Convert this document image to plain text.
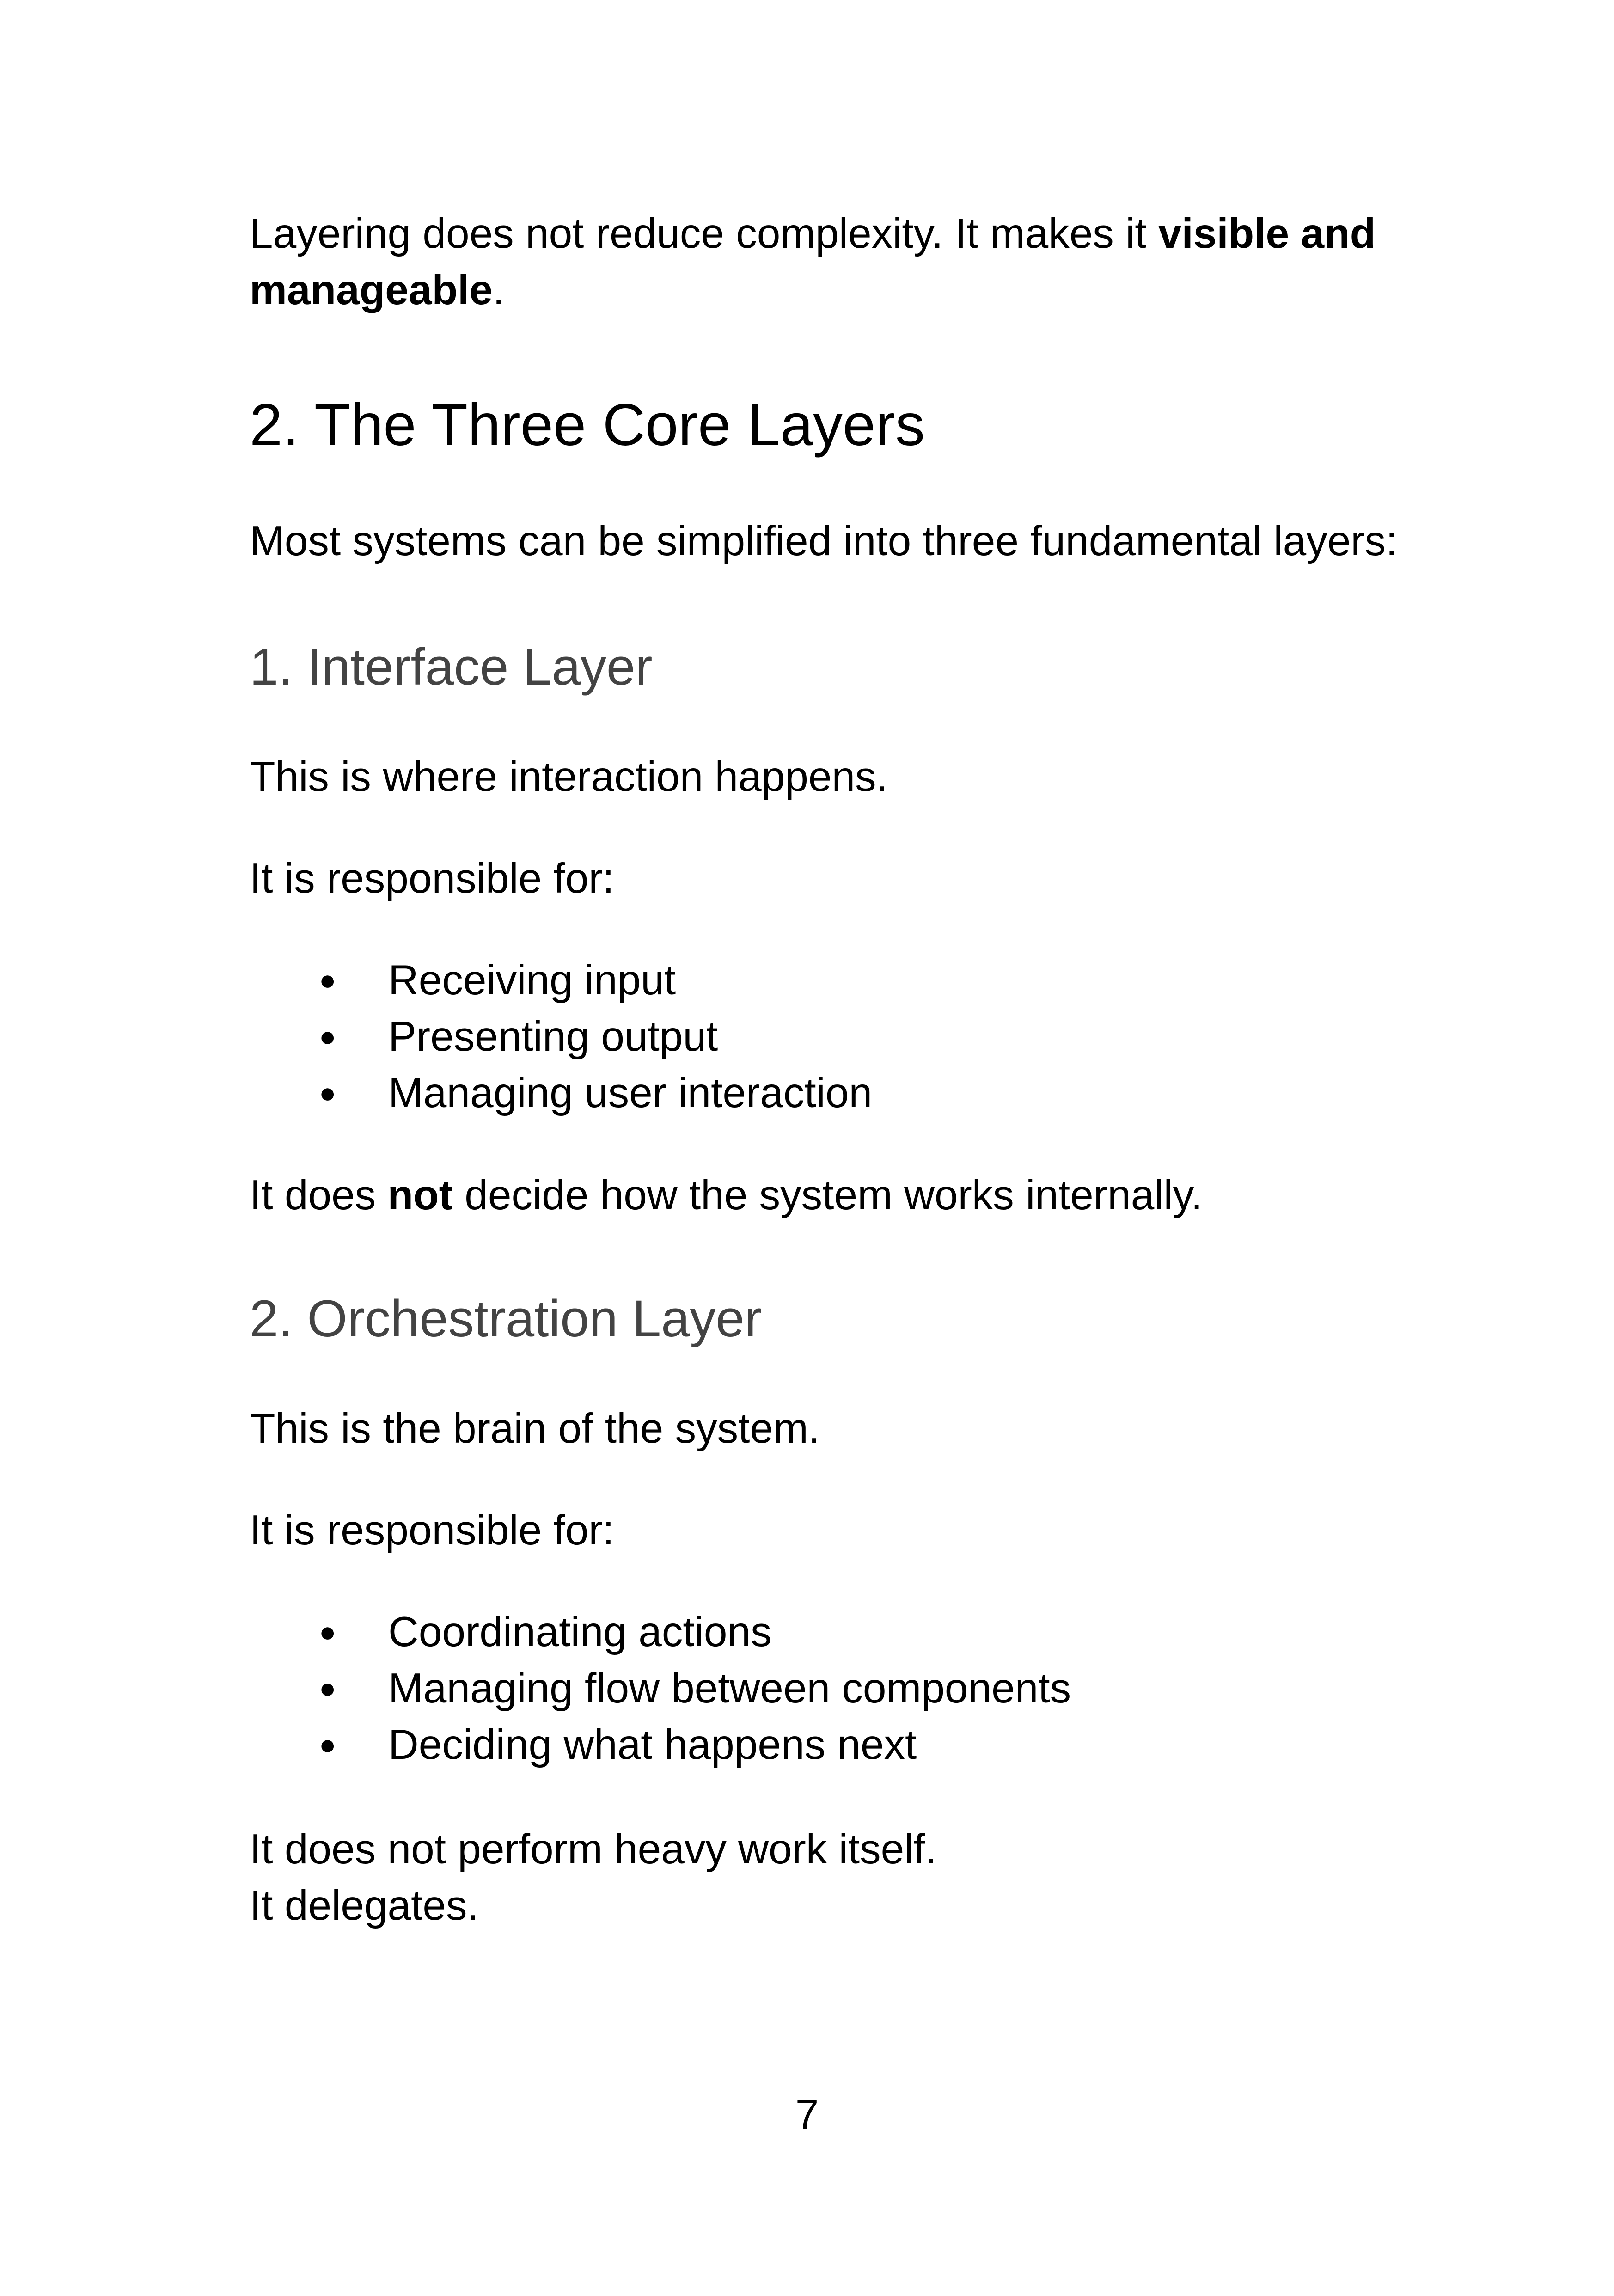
Layering does not reduce complexity. It makes it visible and
manageable.

2. The Three Core Layers

Most systems can be simplified into three fundamental layers:

1. Interface Layer

This is where interaction happens.

It is responsible for:

● Receiving input
● Presenting output
● Managing user interaction

It does not decide how the system works internally.

2. Orchestration Layer

This is the brain of the system.

It is responsible for:

● Coordinating actions
● Managing flow between components
● Deciding what happens next

It does not perform heavy work itself.
It delegates.

7
